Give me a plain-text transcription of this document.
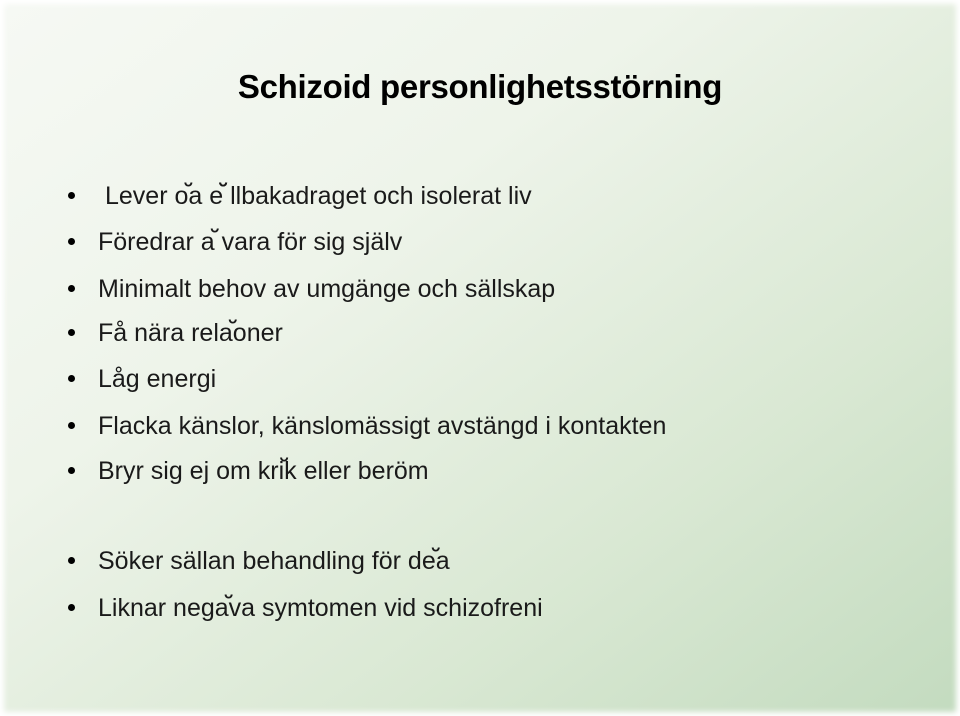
Schizoid personlighetsstörning
Lever oﬞa eﬞ ﬞllbakadraget och isolerat liv
Föredrar aﬞ vara för sig själv
Minimalt behov av umgänge och sällskap
Få nära relaﬞoner
Låg energi
Flacka känslor, känslomässigt avstängd i kontakten
Bryr sig ej om kriﬞk eller beröm
Söker sällan behandling för deﬞa
Liknar negaﬞva symtomen vid schizofreni
